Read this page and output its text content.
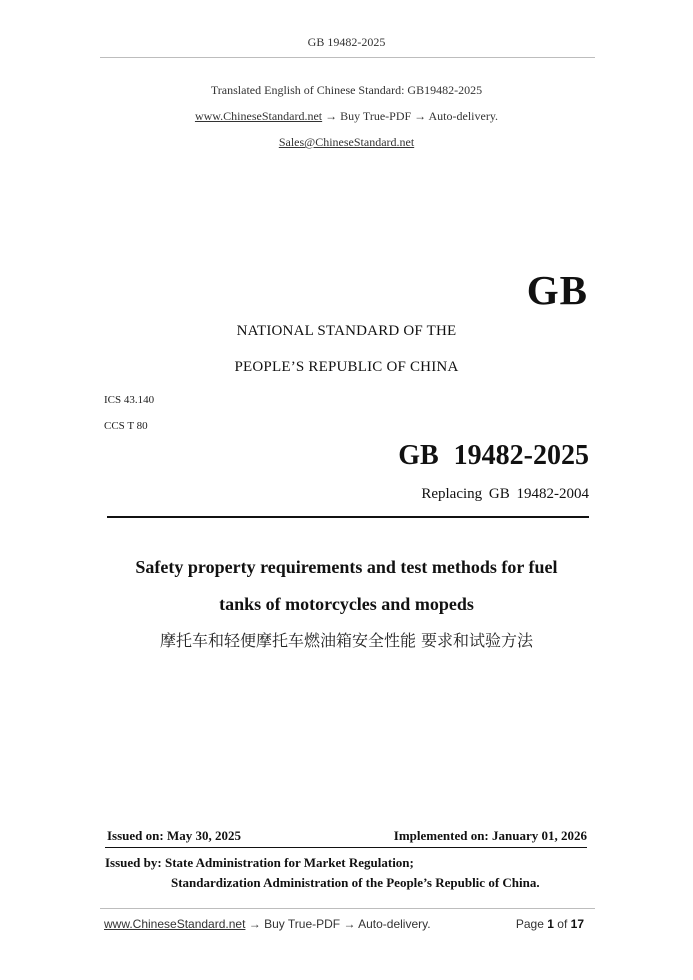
GB 19482-2025
Translated English of Chinese Standard: GB19482-2025
www.ChineseStandard.net → Buy True-PDF → Auto-delivery.
Sales@ChineseStandard.net
GB
NATIONAL STANDARD OF THE
PEOPLE’S REPUBLIC OF CHINA
ICS 43.140
CCS T 80
GB 19482-2025
Replacing GB 19482-2004
Safety property requirements and test methods for fuel
tanks of motorcycles and mopeds
摩托车和轻便摩托车燃油箱安全性能 要求和试验方法
Issued on: May 30, 2025	Implemented on: January 01, 2026
Issued by: State Administration for Market Regulation;
Standardization Administration of the People’s Republic of China.
www.ChineseStandard.net → Buy True-PDF → Auto-delivery.	Page 1 of 17
